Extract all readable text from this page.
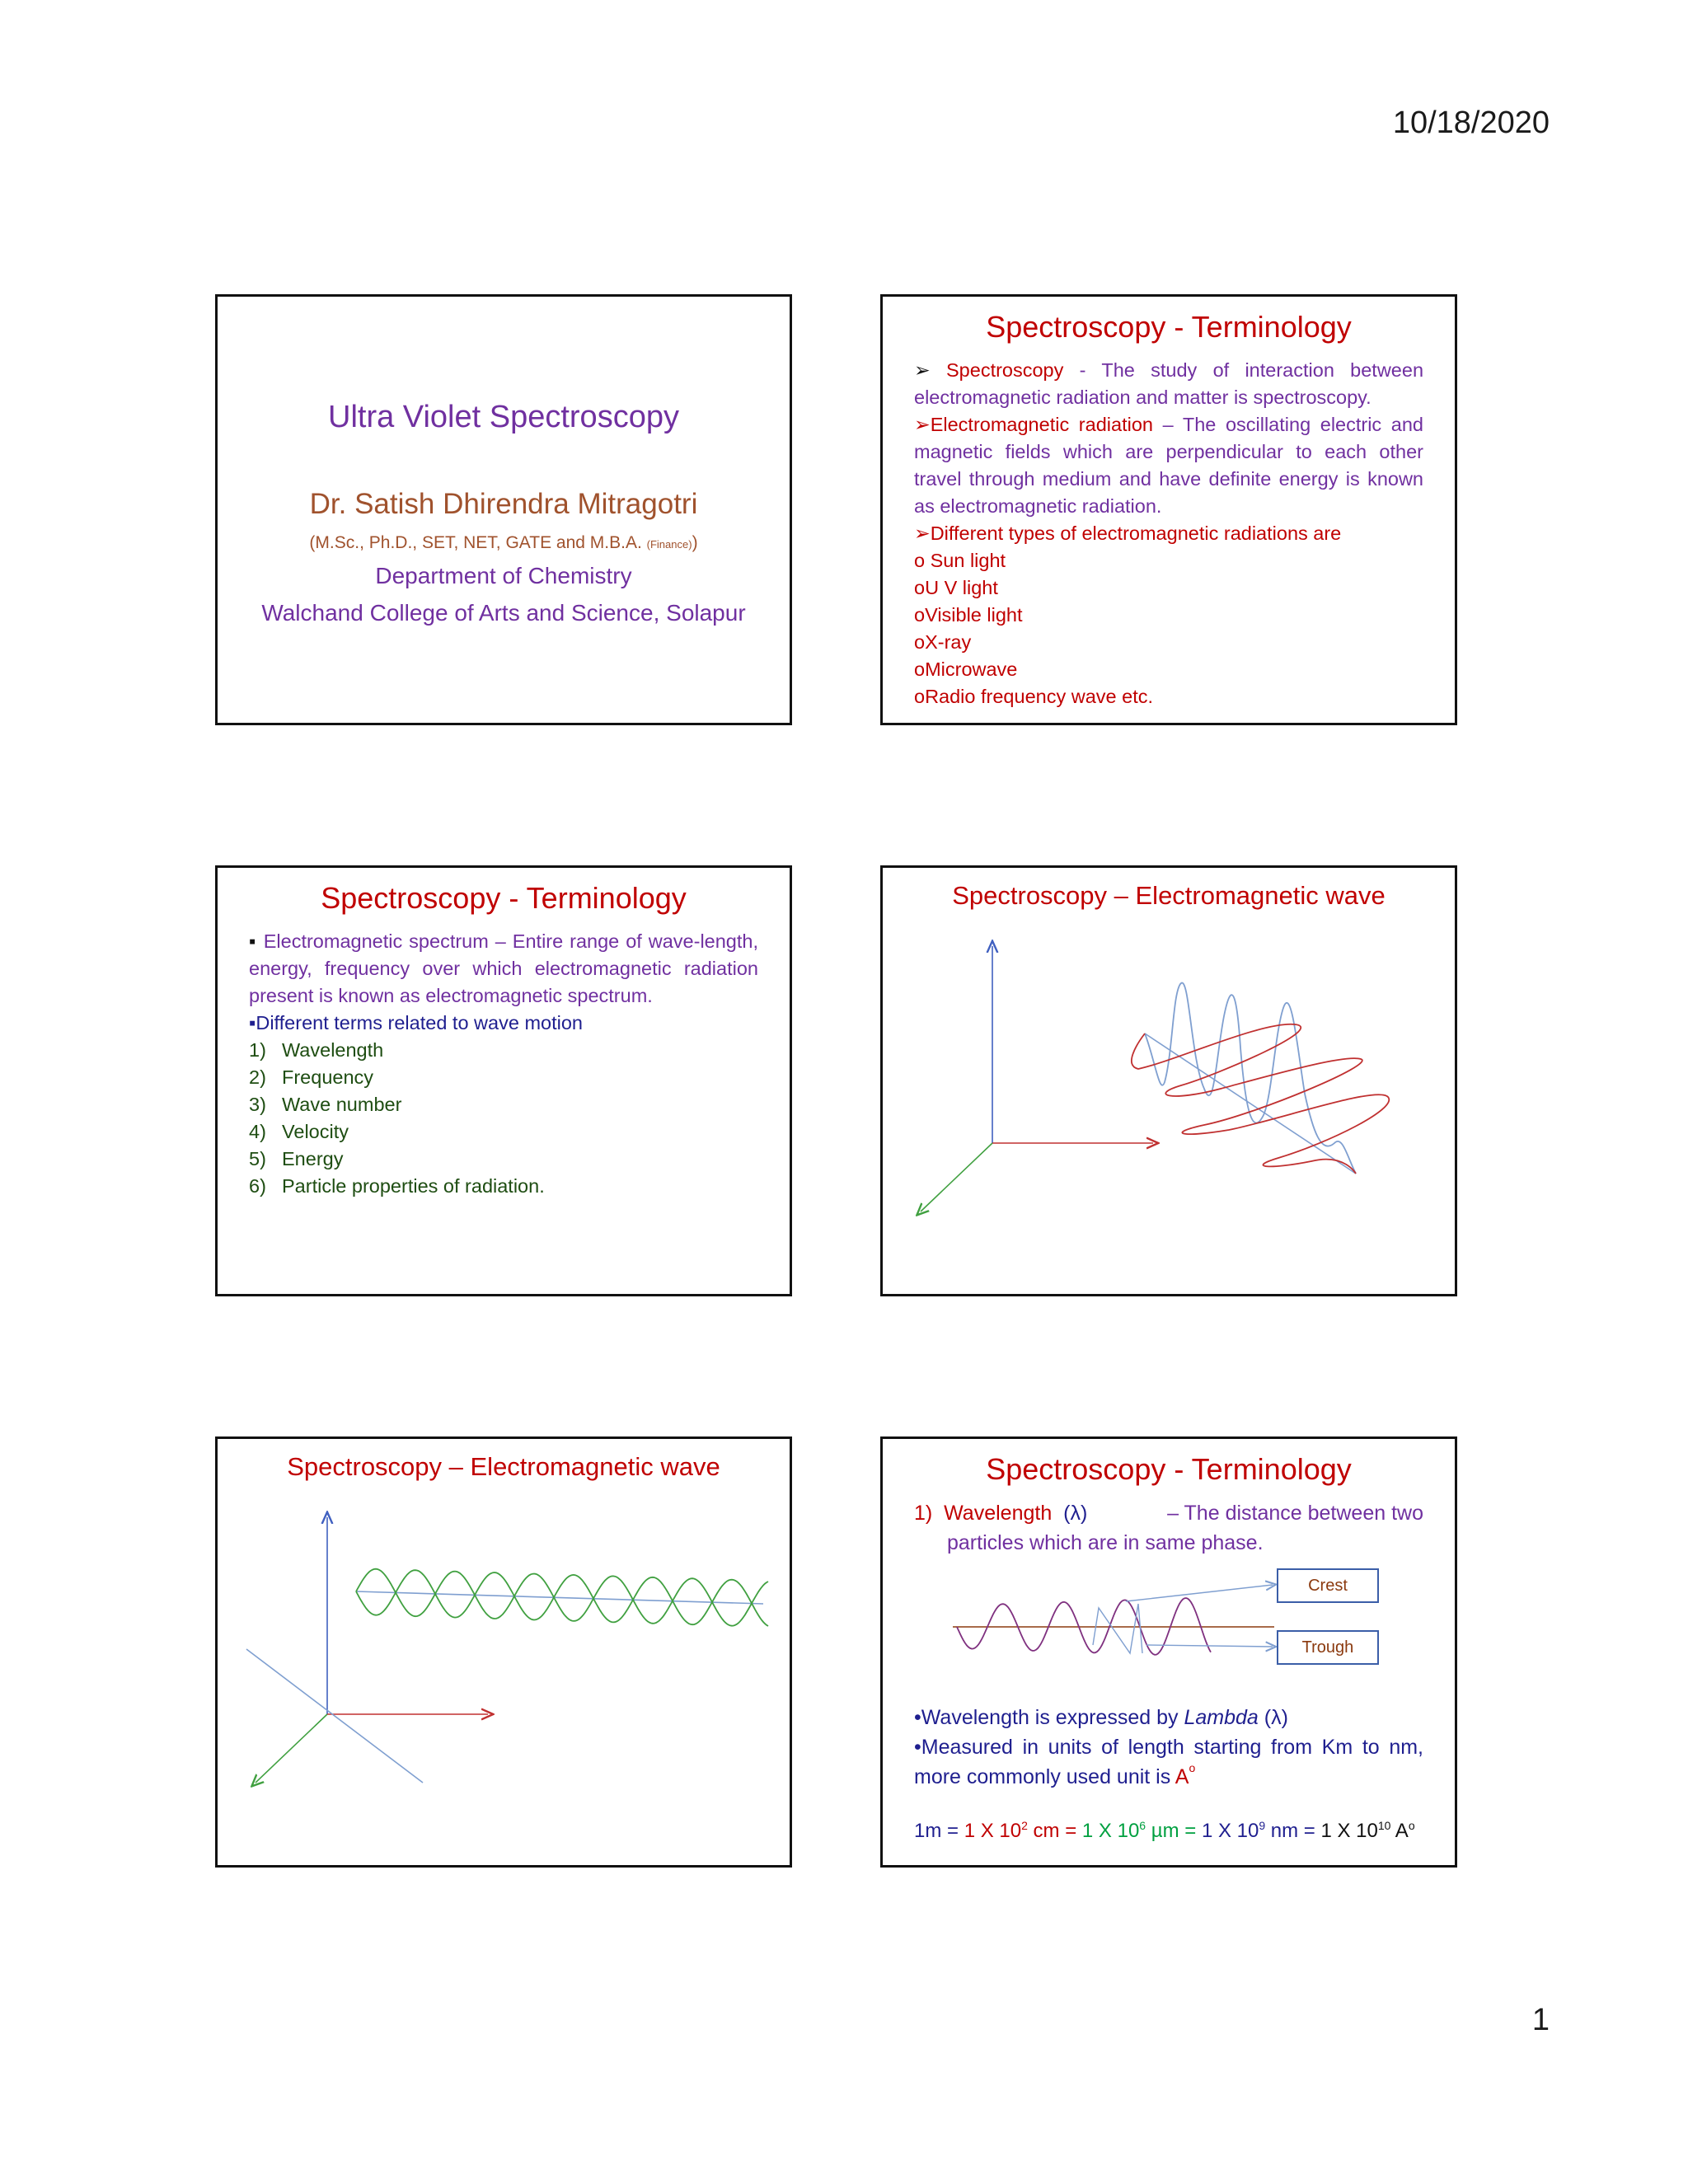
10/18/2020
Ultra Violet Spectroscopy
Dr. Satish Dhirendra Mitragotri
(M.Sc., Ph.D., SET, NET, GATE and M.B.A. (Finance))
Department of Chemistry
Walchand College of Arts and Science, Solapur
Spectroscopy - Terminology
➢ Spectroscopy - The study of interaction between electromagnetic radiation and matter is spectroscopy.
➢Electromagnetic radiation – The oscillating electric and magnetic fields which are perpendicular to each other travel through medium and have definite energy is known as electromagnetic radiation.
➢Different types of electromagnetic radiations are
o Sun light
oU V light
oVisible light
oX-ray
oMicrowave
oRadio frequency wave etc.
Spectroscopy - Terminology
▪ Electromagnetic spectrum – Entire range of wave-length, energy, frequency over which electromagnetic radiation present is known as electromagnetic spectrum.
▪Different terms related to wave motion
1) Wavelength
2) Frequency
3) Wave number
4) Velocity
5) Energy
6) Particle properties of radiation.
Spectroscopy – Electromagnetic wave
Spectroscopy – Electromagnetic wave	Spectroscopy - Terminology
1) Wavelength (λ)	– The distance between two
particles which are in same phase.
Crest
Trough
•Wavelength is expressed by Lambda (λ)
•Measured in units of length starting from Km to nm, more commonly used unit is $A^o$
1m = 1 X $10^2$ cm = 1 X $10^6$ µm = 1 X $10^9$ nm = 1 X $10^{10}$ $A^o$
1
